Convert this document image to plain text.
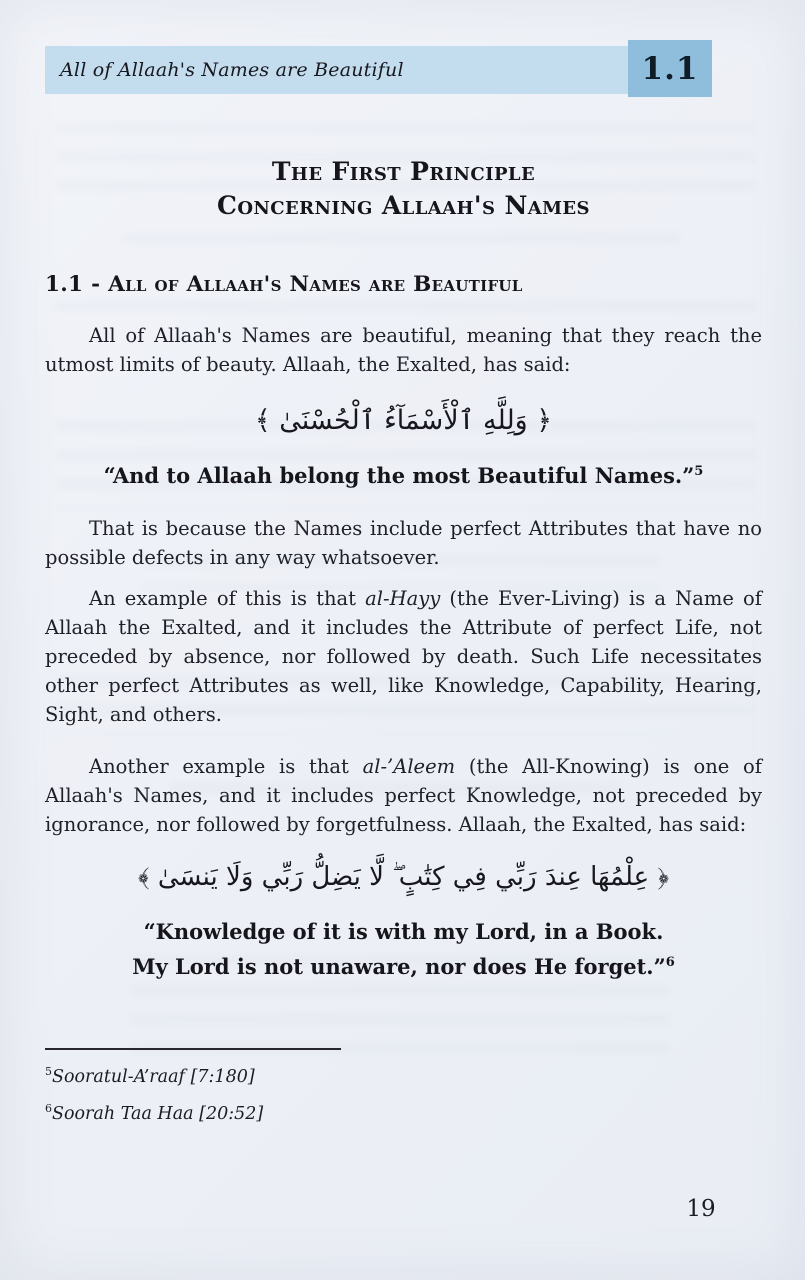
All of Allaah's Names are Beautiful	1.1
The First Principle
Concerning Allaah's Names
1.1 - All of Allaah's Names are Beautiful

All of Allaah's Names are beautiful, meaning that they reach the utmost limits of beauty. Allaah, the Exalted, has said:

﴿ وَلِلَّهِ ٱلْأَسْمَآءُ ٱلْحُسْنَىٰ ﴾

“And to Allaah belong the most Beautiful Names.”$^5$

That is because the Names include perfect Attributes that have no possible defects in any way whatsoever.

An example of this is that al-Hayy (the Ever-Living) is a Name of Allaah the Exalted, and it includes the Attribute of perfect Life, not preceded by absence, nor followed by death. Such Life necessitates other perfect Attributes as well, like Knowledge, Capability, Hearing, Sight, and others.

Another example is that al-’Aleem (the All-Knowing) is one of Allaah's Names, and it includes perfect Knowledge, not preceded by ignorance, nor followed by forgetfulness. Allaah, the Exalted, has said:

﴿ عِلْمُهَا عِندَ رَبِّي فِي كِتَٰبٍ ۖ لَّا يَضِلُّ رَبِّي وَلَا يَنسَىٰ ﴾

“Knowledge of it is with my Lord, in a Book.
My Lord is not unaware, nor does He forget.”$^6$

$^5$Sooratul-A’raaf [7:180]

$^6$Soorah Taa Haa [20:52]

19
